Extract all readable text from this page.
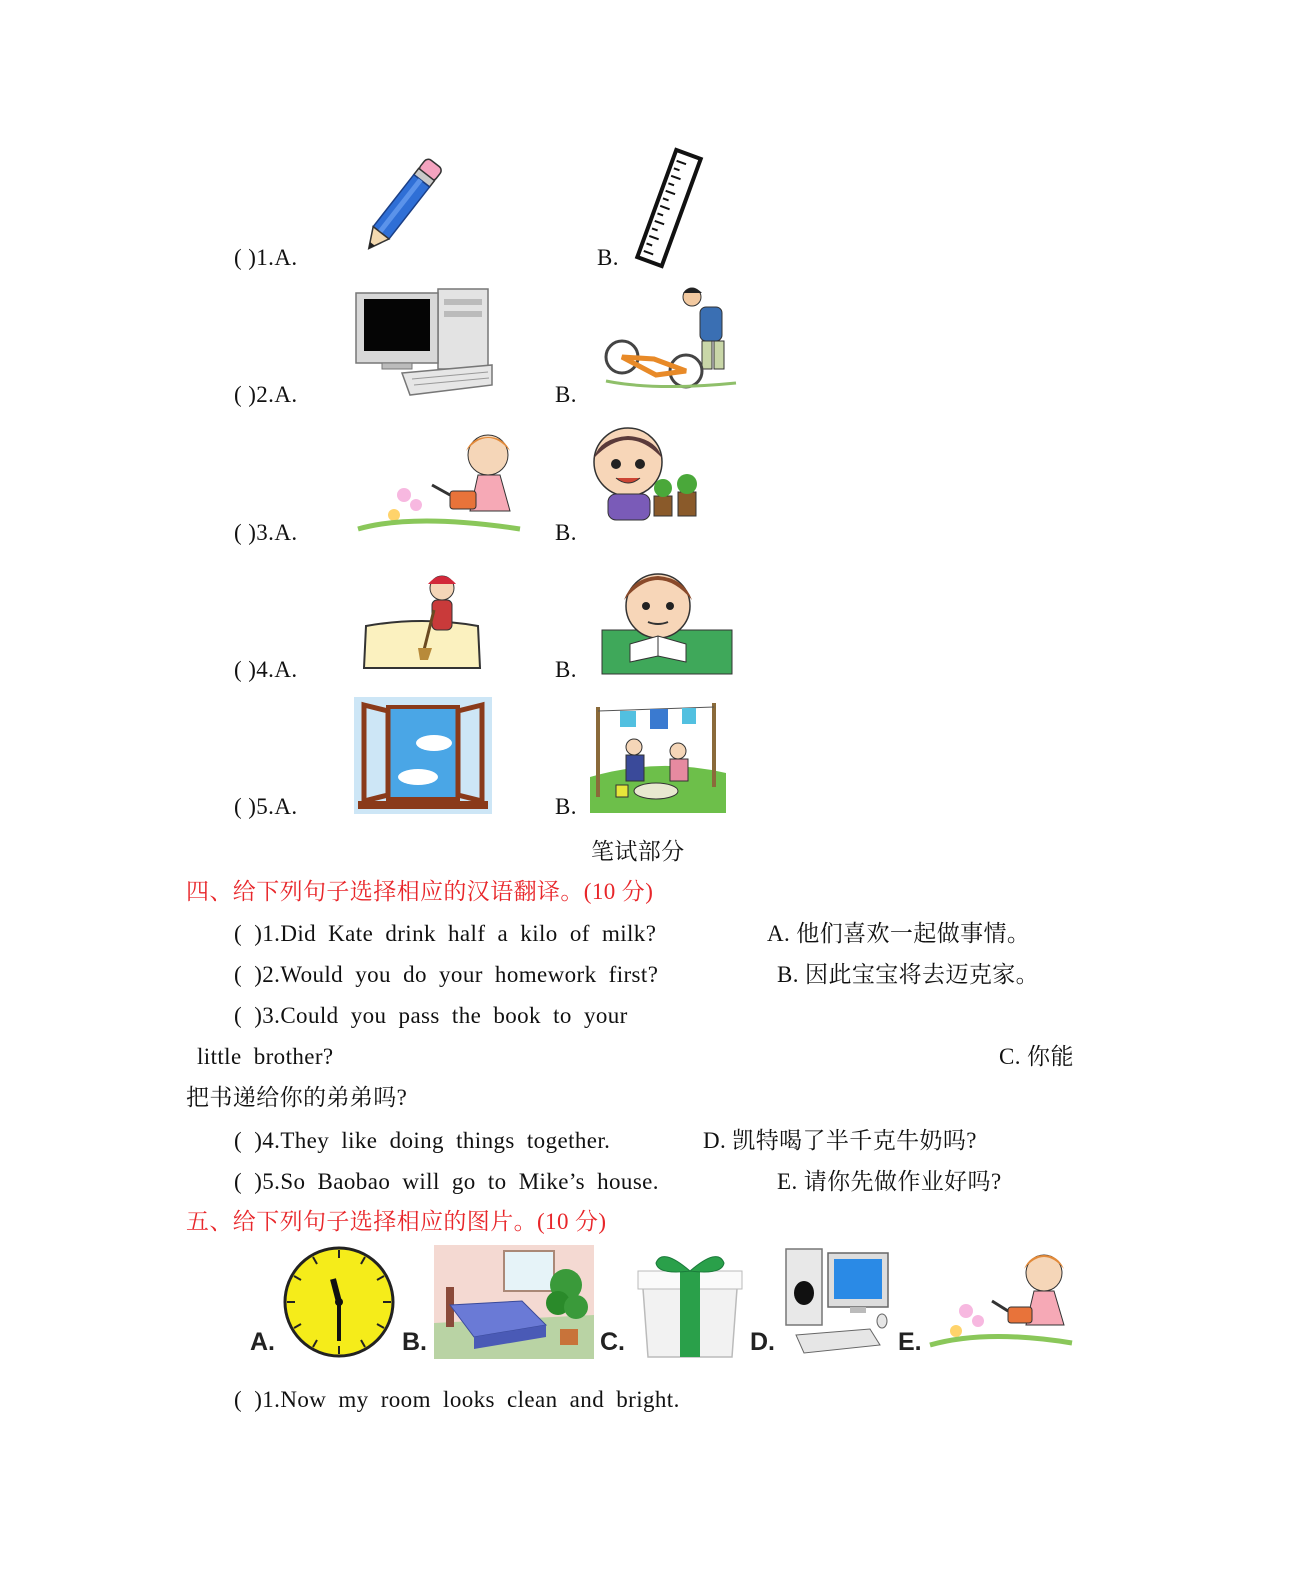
( )1.A.	B.
( )2.A.	B.
( )3.A.	B.
( )4.A.	B.
( )5.A.	B.
笔试部分
四、给下列句子选择相应的汉语翻译。(10 分)
( )1.Did Kate drink half a kilo of milk?	A. 他们喜欢一起做事情。
( )2.Would you do your homework first?	B. 因此宝宝将去迈克家。
( )3.Could you pass the book to your
little brother?	C. 你能
把书递给你的弟弟吗?
( )4.They like doing things together.	D. 凯特喝了半千克牛奶吗?
( )5.So Baobao will go to Mike’s house.	E. 请你先做作业好吗?
五、给下列句子选择相应的图片。(10 分)
A.	B.	C.	D.	E.
( )1.Now my room looks clean and bright.
